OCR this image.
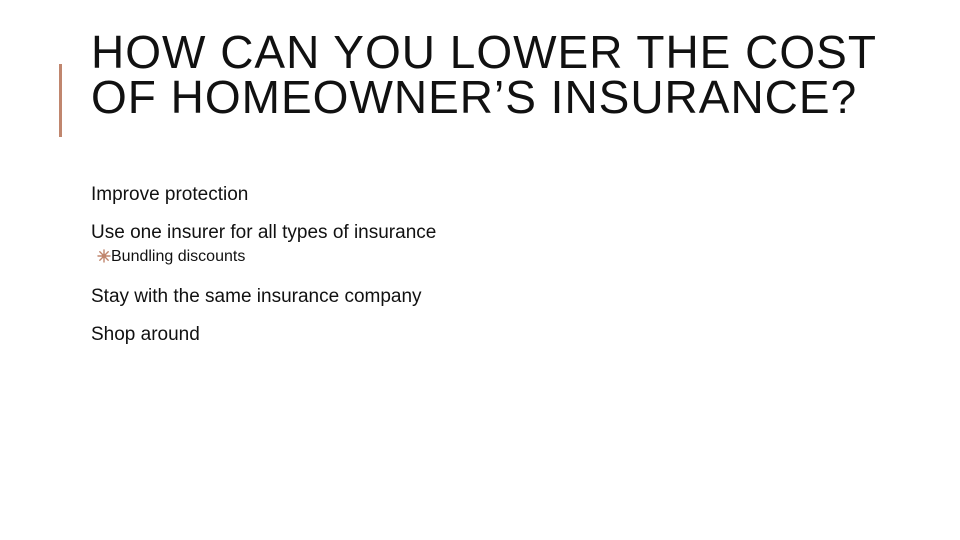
HOW CAN YOU LOWER THE COST OF HOMEOWNER’S INSURANCE?
Improve protection
Use one insurer for all types of insurance
Bundling discounts
Stay with the same insurance company
Shop around
